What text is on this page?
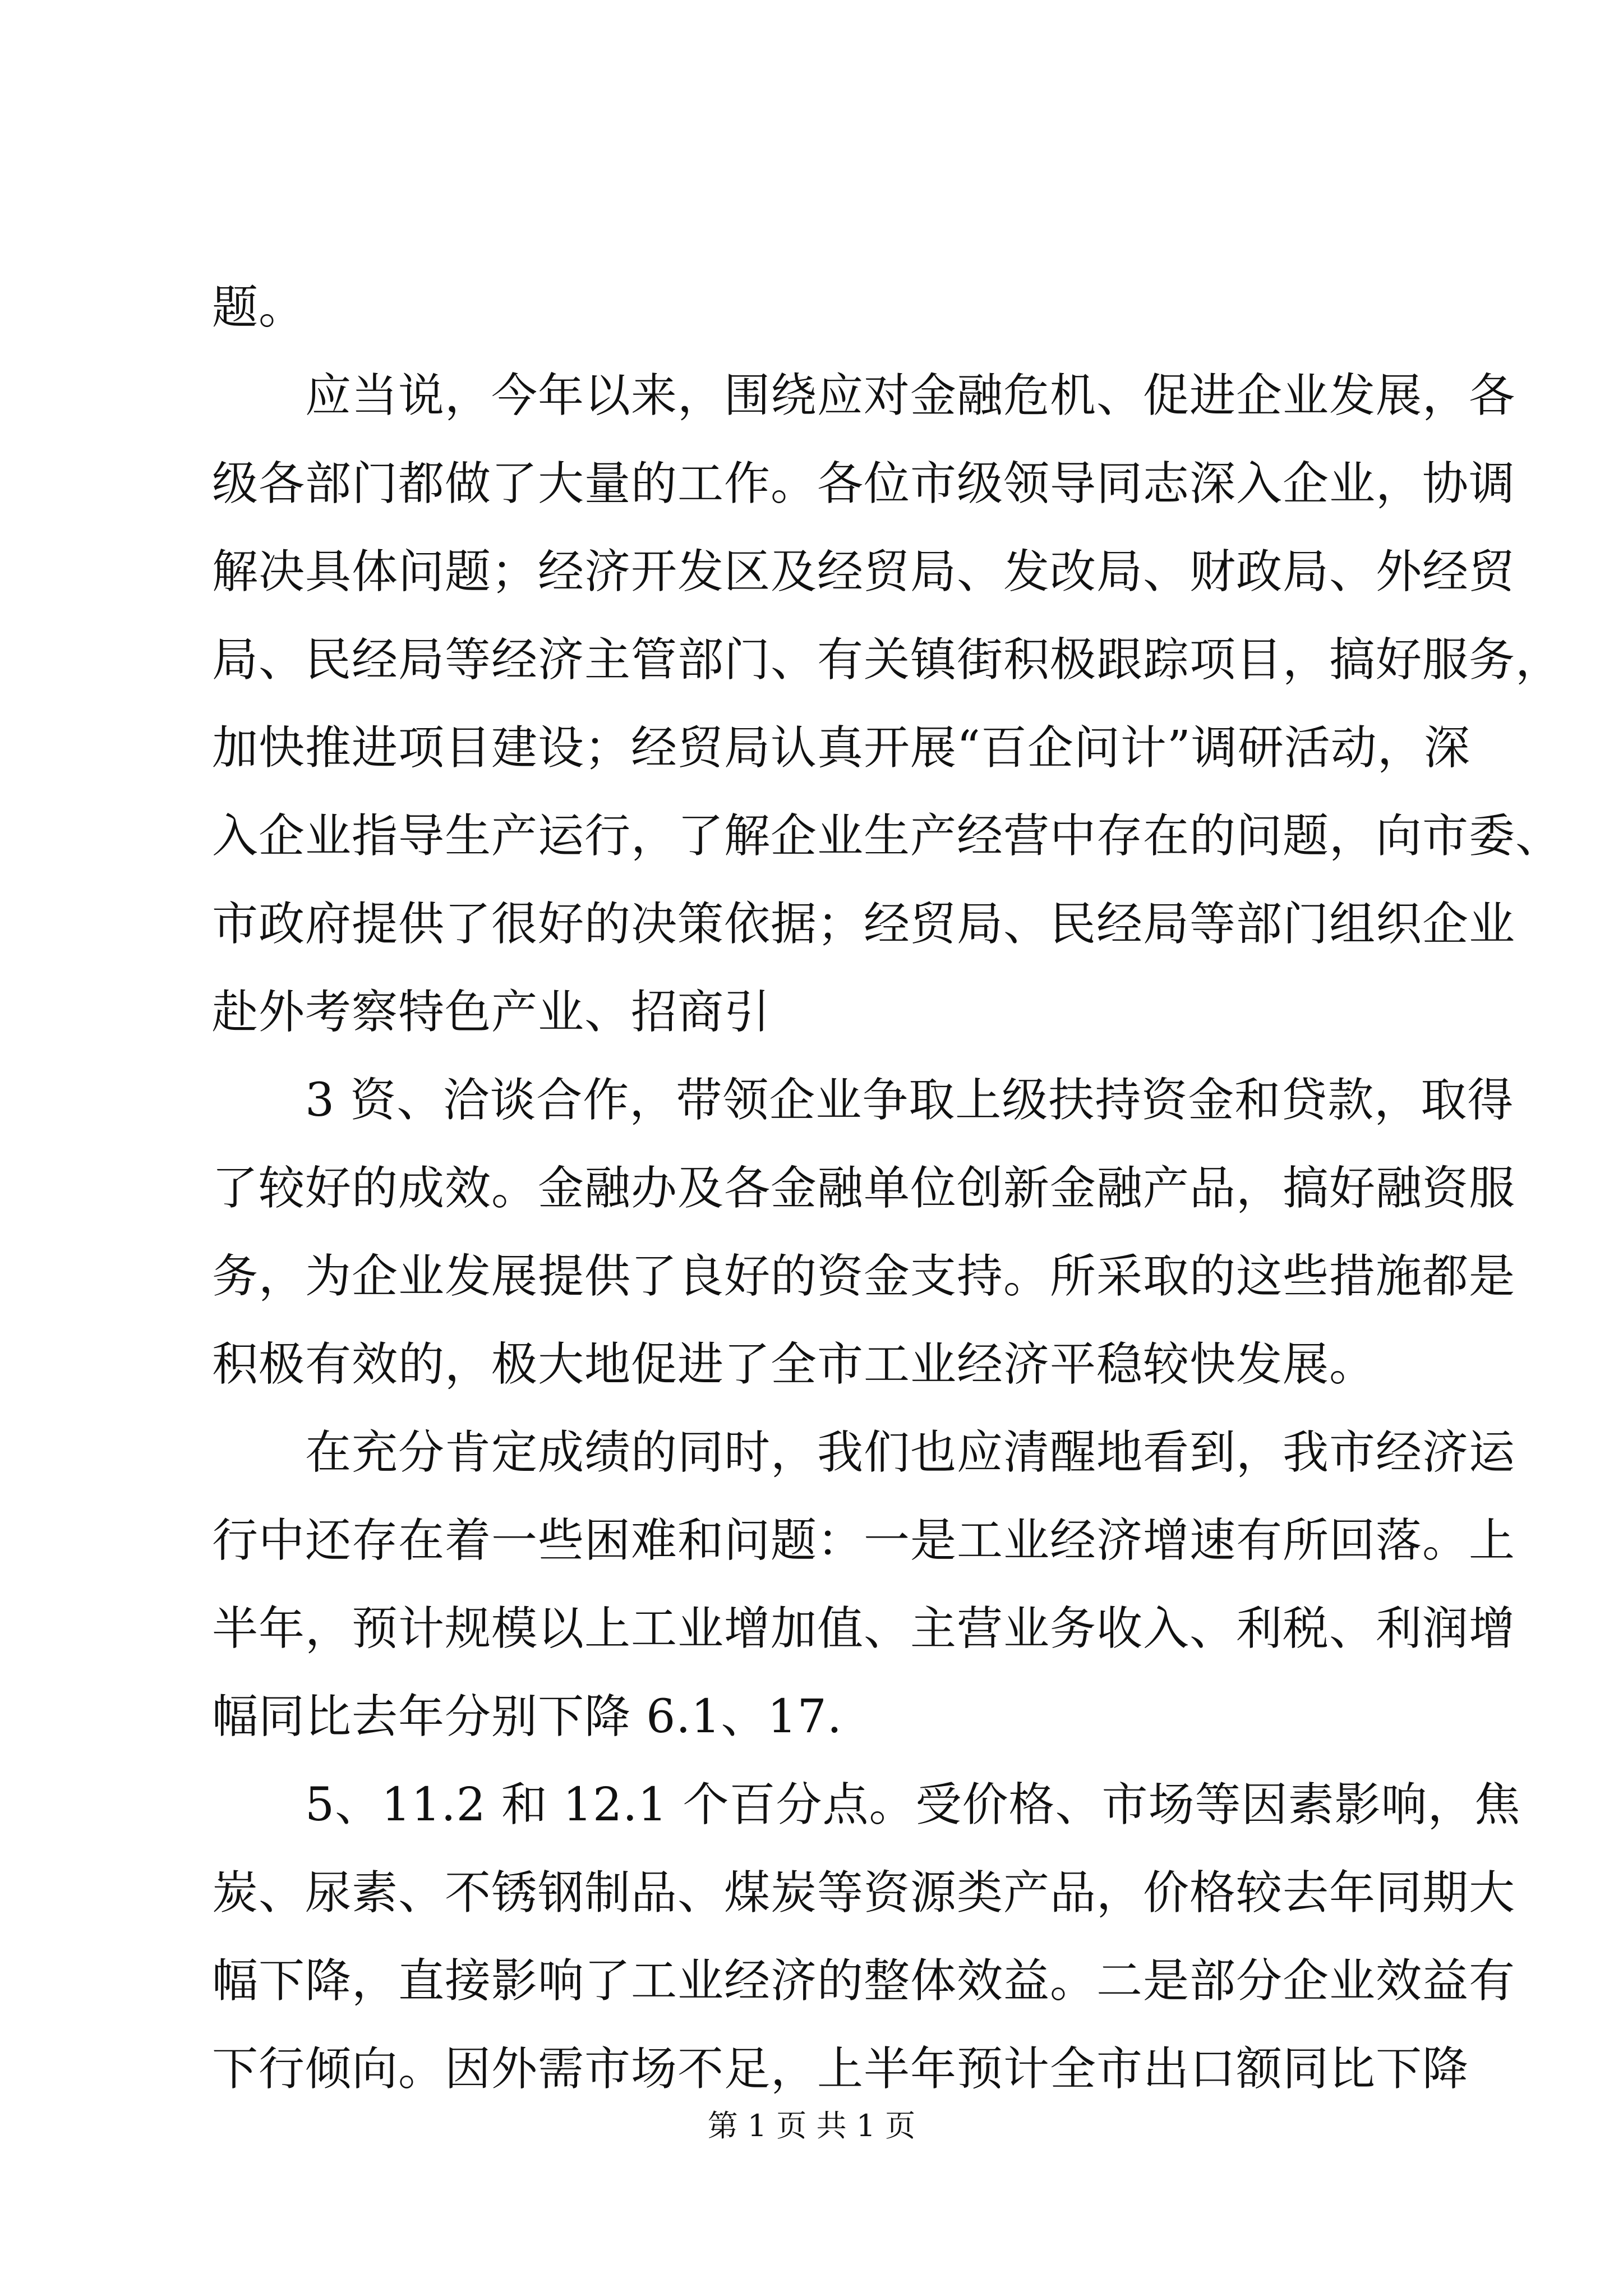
题。
应当说，今年以来，围绕应对金融危机、促进企业发展，各
级各部门都做了大量的工作。各位市级领导同志深入企业，协调
解决具体问题；经济开发区及经贸局、发改局、财政局、外经贸
局、民经局等经济主管部门、有关镇街积极跟踪项目，搞好服务，
加快推进项目建设；经贸局认真开展“百企问计”调研活动，深
入企业指导生产运行，了解企业生产经营中存在的问题，向市委、
市政府提供了很好的决策依据；经贸局、民经局等部门组织企业
赴外考察特色产业、招商引
3 资、洽谈合作，带领企业争取上级扶持资金和贷款，取得
了较好的成效。金融办及各金融单位创新金融产品，搞好融资服
务，为企业发展提供了良好的资金支持。所采取的这些措施都是
积极有效的，极大地促进了全市工业经济平稳较快发展。
在充分肯定成绩的同时，我们也应清醒地看到，我市经济运
行中还存在着一些困难和问题：一是工业经济增速有所回落。上
半年，预计规模以上工业增加值、主营业务收入、利税、利润增
幅同比去年分别下降 6.1、17.
5、11.2 和 12.1 个百分点。受价格、市场等因素影响，焦
炭、尿素、不锈钢制品、煤炭等资源类产品，价格较去年同期大
幅下降，直接影响了工业经济的整体效益。二是部分企业效益有
下行倾向。因外需市场不足，上半年预计全市出口额同比下降
第 1 页 共 1 页
